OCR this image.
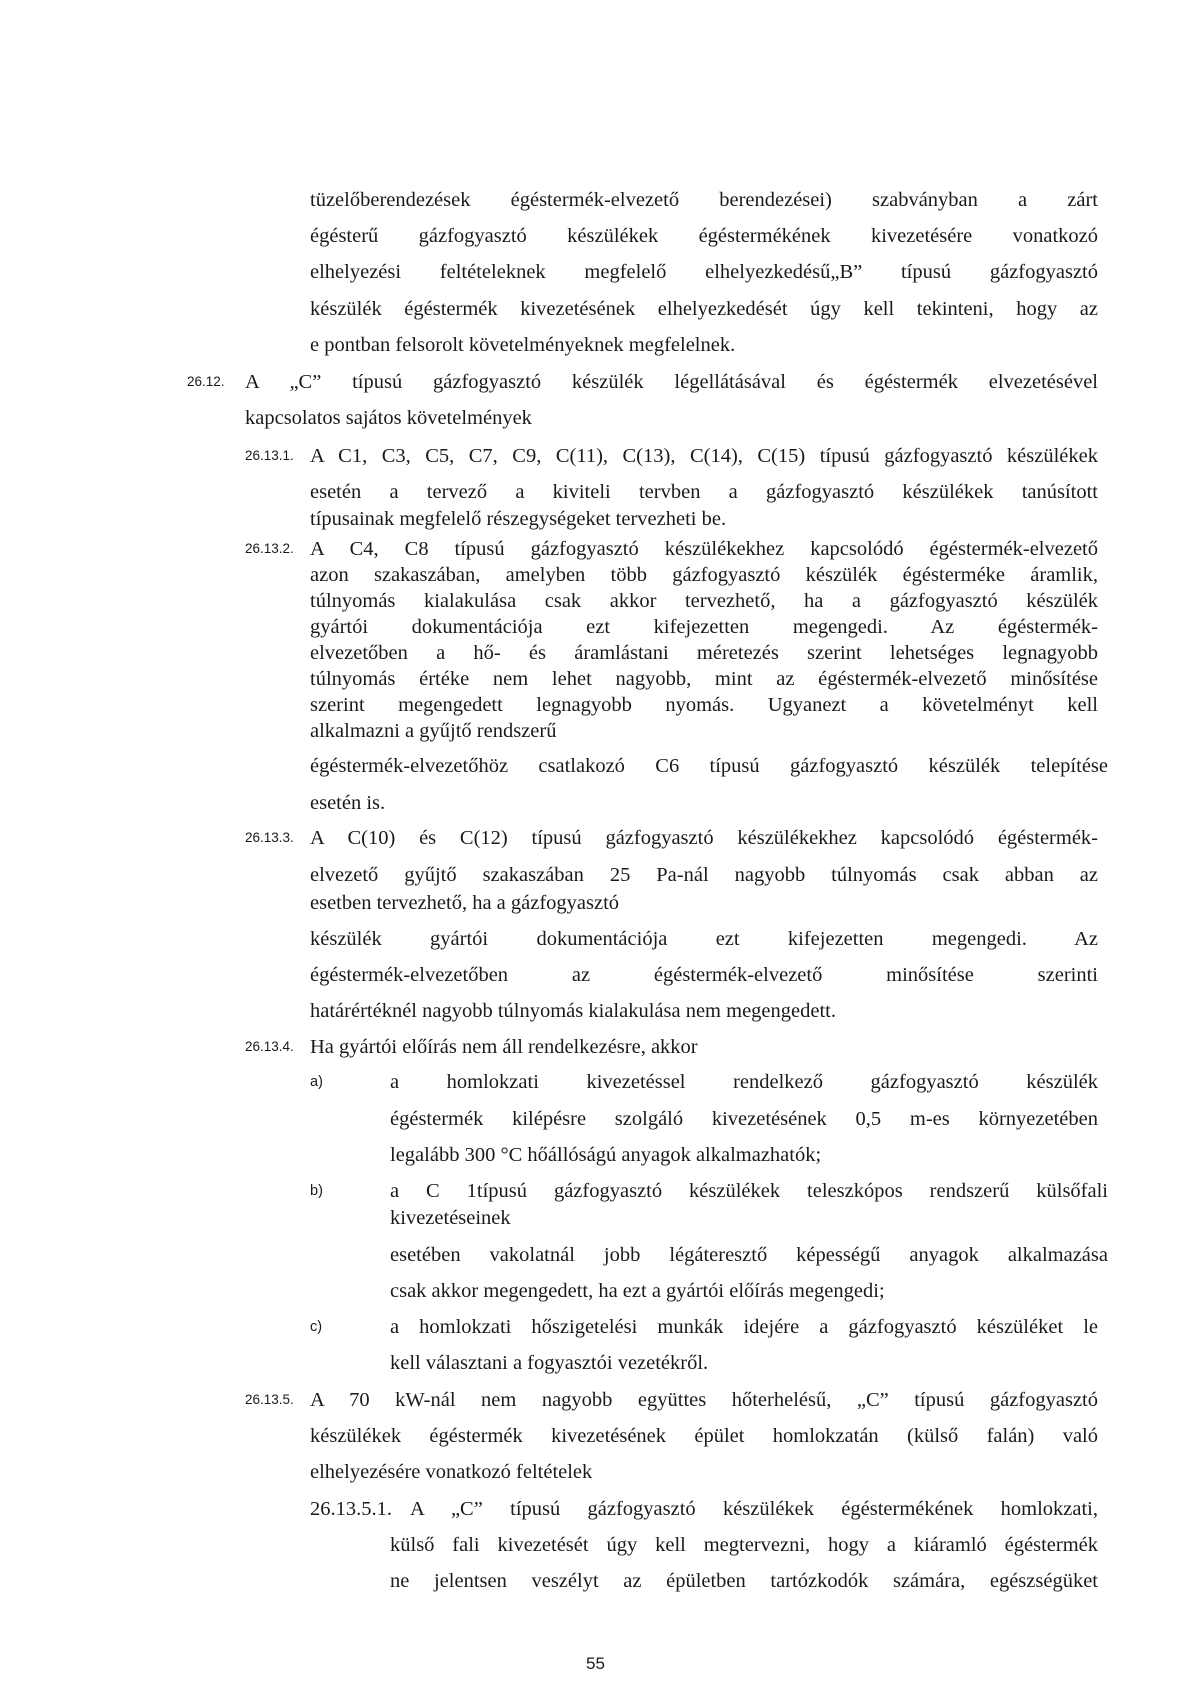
tüzelőberendezések égéstermék-elvezető berendezései) szabványban a zárt
égésterű gázfogyasztó készülékek égéstermékének kivezetésére vonatkozó
elhelyezési feltételeknek megfelelő elhelyezkedésű„B” típusú gázfogyasztó
készülék égéstermék kivezetésének elhelyezkedését úgy kell tekinteni, hogy az
e pontban felsorolt követelményeknek megfelelnek.
26.12. A „C” típusú gázfogyasztó készülék légellátásával és égéstermék elvezetésével
kapcsolatos sajátos követelmények
26.13.1. A C1, C3, C5, C7, C9, C(11), C(13), C(14), C(15) típusú gázfogyasztó készülékek
esetén a tervező a kiviteli tervben a gázfogyasztó készülékek tanúsított
típusainak megfelelő részegységeket tervezheti be.
26.13.2. A C4, C8 típusú gázfogyasztó készülékekhez kapcsolódó égéstermék-elvezető
azon szakaszában, amelyben több gázfogyasztó készülék égésterméke áramlik,
túlnyomás kialakulása csak akkor tervezhető, ha a gázfogyasztó készülék
gyártói dokumentációja ezt kifejezetten megengedi. Az égéstermék-
elvezetőben a hő- és áramlástani méretezés szerint lehetséges legnagyobb
túlnyomás értéke nem lehet nagyobb, mint az égéstermék-elvezető minősítése
szerint megengedett legnagyobb nyomás. Ugyanezt a követelményt kell
alkalmazni a gyűjtő rendszerű
égéstermék-elvezetőhöz csatlakozó C6 típusú gázfogyasztó készülék telepítése
esetén is.
26.13.3. A C(10) és C(12) típusú gázfogyasztó készülékekhez kapcsolódó égéstermék-
elvezető gyűjtő szakaszában 25 Pa-nál nagyobb túlnyomás csak abban az
esetben tervezhető, ha a gázfogyasztó
készülék gyártói dokumentációja ezt kifejezetten megengedi. Az
égéstermék-elvezetőben az égéstermék-elvezető minősítése szerinti
határértéknél nagyobb túlnyomás kialakulása nem megengedett.
26.13.4. Ha gyártói előírás nem áll rendelkezésre, akkor
a)	a homlokzati kivezetéssel rendelkező gázfogyasztó készülék
égéstermék kilépésre szolgáló kivezetésének 0,5 m-es környezetében
legalább 300 °C hőállóságú anyagok alkalmazhatók;
b)	a C 1típusú gázfogyasztó készülékek teleszkópos rendszerű külsőfali
kivezetéseinek
esetében vakolatnál jobb légáteresztő képességű anyagok alkalmazása
csak akkor megengedett, ha ezt a gyártói előírás megengedi;
c)	a homlokzati hőszigetelési munkák idejére a gázfogyasztó készüléket le
kell választani a fogyasztói vezetékről.
26.13.5. A 70 kW-nál nem nagyobb együttes hőterhelésű, „C” típusú gázfogyasztó
készülékek égéstermék kivezetésének épület homlokzatán (külső falán) való
elhelyezésére vonatkozó feltételek
26.13.5.1. A „C” típusú gázfogyasztó készülékek égéstermékének homlokzati,
külső fali kivezetését úgy kell megtervezni, hogy a kiáramló égéstermék
ne jelentsen veszélyt az épületben tartózkodók számára, egészségüket
55
